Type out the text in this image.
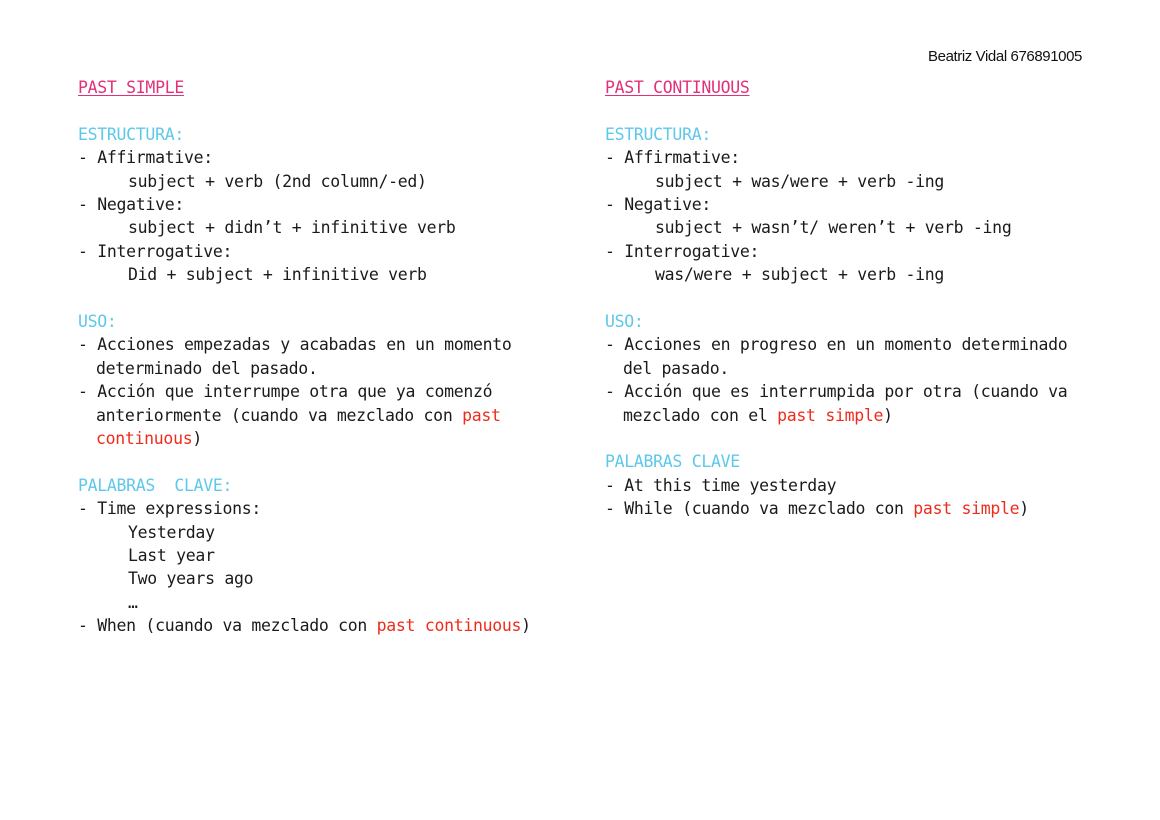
Beatriz Vidal 676891005
PAST SIMPLE
ESTRUCTURA:
- Affirmative:
subject + verb (2nd column/-ed)
- Negative:
subject + didn’t + infinitive verb
- Interrogative:
Did + subject + infinitive verb
USO:
- Acciones empezadas y acabadas en un momento determinado del pasado.
- Acción que interrumpe otra que ya comenzó anteriormente (cuando va mezclado con past continuous)
PALABRAS  CLAVE:
- Time expressions:
Yesterday
Last year
Two years ago
…
- When (cuando va mezclado con past continuous)
PAST CONTINUOUS
ESTRUCTURA:
- Affirmative:
subject + was/were + verb -ing
- Negative:
subject + wasn’t/ weren’t + verb -ing
- Interrogative:
was/were + subject + verb -ing
USO:
- Acciones en progreso en un momento determinado del pasado.
- Acción que es interrumpida por otra (cuando va mezclado con el past simple)
PALABRAS CLAVE
- At this time yesterday
- While (cuando va mezclado con past simple)
